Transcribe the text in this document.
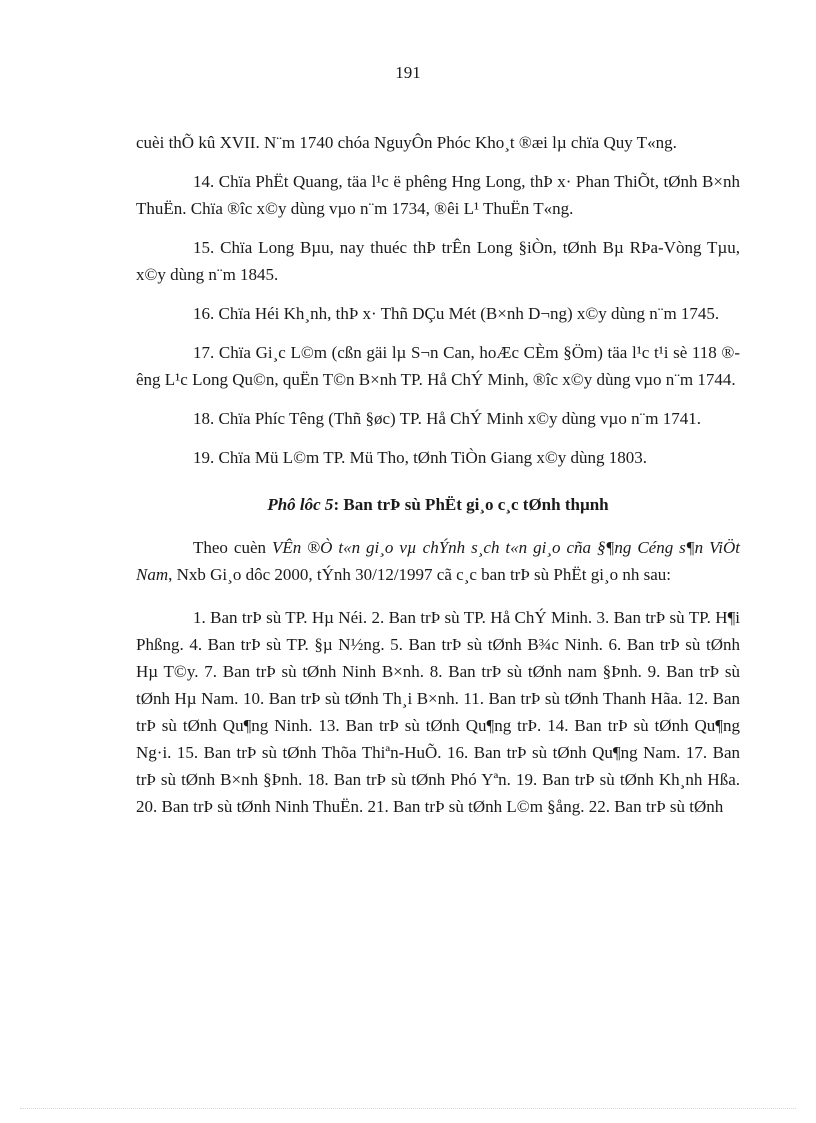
191

cuèi thÕ kû XVII. N¨m 1740 chóa NguyÔn Phóc Kho¸t ®æi lµ chïa Quy T«ng.

14. Chïa PhËt Quang, täa l¹c ë phêng Hng Long, thÞ x· Phan ThiÕt, tØnh B×nh ThuËn. Chïa ®îc x©y dùng vµo n¨m 1734, ®êi L¹ ThuËn T«ng.

15. Chïa Long Bµu, nay thuéc thÞ trÊn Long §iÒn, tØnh Bµ RÞa-Vòng Tµu, x©y dùng n¨m 1845.

16. Chïa Héi Kh¸nh, thÞ x· Thñ DÇu Mét (B×nh D¬ng) x©y dùng n¨m 1745.

17. Chïa Gi¸c L©m (cßn gäi lµ S¬n Can, hoÆc CÈm §Öm) täa l¹c t¹i sè 118 ®êng L¹c Long Qu©n, quËn T©n B×nh TP. Hå ChÝ Minh, ®îc x©y dùng vµo n¨m 1744.

18. Chïa Phíc Têng (Thñ §øc) TP. Hå ChÝ Minh x©y dùng vµo n¨m 1741.

19. Chïa Mü L©m TP. Mü Tho, tØnh TiÒn Giang x©y dùng 1803.

Phô lôc 5: Ban trÞ sù PhËt gi¸o c¸c tØnh thµnh

Theo cuèn VÊn ®Ò t«n gi¸o vµ chÝnh s¸ch t«n gi¸o cña §¶ng Céng s¶n ViÖt Nam, Nxb Gi¸o dôc 2000, tÝnh 30/12/1997 cã c¸c ban trÞ sù PhËt gi¸o nh sau:

1. Ban trÞ sù TP. Hµ Néi. 2. Ban trÞ sù TP. Hå ChÝ Minh. 3. Ban trÞ sù TP. H¶i Phßng. 4. Ban trÞ sù TP. §µ N½ng. 5. Ban trÞ sù tØnh B¾c Ninh. 6. Ban trÞ sù tØnh Hµ T©y. 7. Ban trÞ sù tØnh Ninh B×nh. 8. Ban trÞ sù tØnh nam §Þnh. 9. Ban trÞ sù tØnh Hµ Nam. 10. Ban trÞ sù tØnh Th¸i B×nh. 11. Ban trÞ sù tØnh Thanh Hãa. 12. Ban trÞ sù tØnh Qu¶ng Ninh. 13. Ban trÞ sù tØnh Qu¶ng trÞ. 14. Ban trÞ sù tØnh Qu¶ng Ng·i. 15. Ban trÞ sù tØnh Thõa Thiªn-HuÕ. 16. Ban trÞ sù tØnh Qu¶ng Nam. 17. Ban trÞ sù tØnh B×nh §Þnh. 18. Ban trÞ sù tØnh Phó Yªn. 19. Ban trÞ sù tØnh Kh¸nh Hßa. 20. Ban trÞ sù tØnh Ninh ThuËn. 21. Ban trÞ sù tØnh L©m §ång. 22. Ban trÞ sù tØnh
